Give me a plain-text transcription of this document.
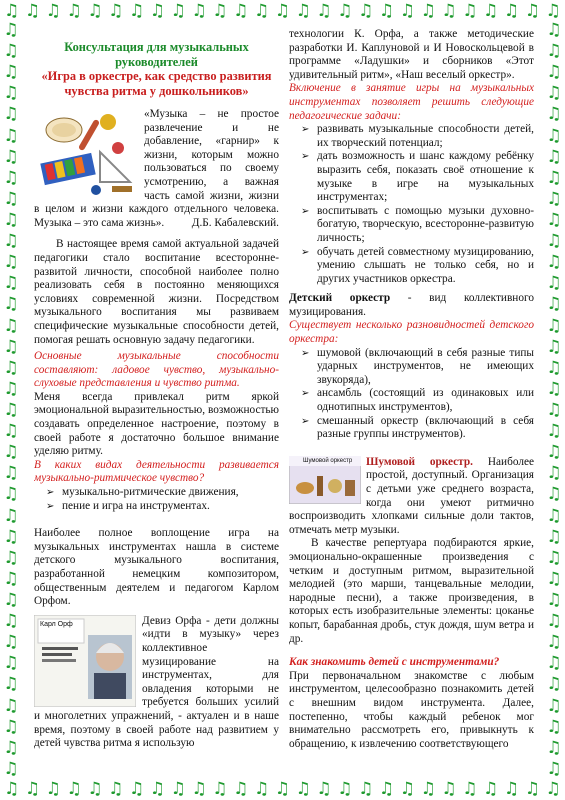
♫ ♫ ♫ ♫ ♫ ♫ ♫ ♫ ♫ ♫ ♫ ♫ ♫ ♫ ♫ ♫ ♫ ♫ ♫ ♫ ♫ ♫ ♫ ♫ ♫ ♫ ♫
♫ ♫ ♫ ♫ ♫ ♫ ♫ ♫ ♫ ♫ ♫ ♫ ♫ ♫ ♫ ♫ ♫ ♫ ♫ ♫ ♫ ♫ ♫ ♫ ♫ ♫ ♫
♫
♫
♫
♫
♫
♫
♫
♫
♫
♫
♫
♫
♫
♫
♫
♫
♫
♫
♫
♫
♫
♫
♫
♫
♫
♫
♫
♫
♫
♫
♫
♫
♫
♫
♫
♫
♫
♫
♫
♫
♫
♫
♫
♫
♫
♫
♫
♫
♫
♫
♫
♫
♫
♫
♫
♫
♫
♫
♫
♫
♫
♫
♫
♫
♫
♫
♫
♫
♫
♫
♫
♫

Консультация для музыкальных руководителей

«Игра в оркестре, как средство развития чувства ритма у дошкольников»

«Музыка – не простое развлечение и не добавление, «гарнир» к жизни, которым можно пользоваться по своему усмотрению, а важная часть самой жизни, жизни в целом и жизни каждого отдельного человека. Музыка – это сама жизнь».	Д.Б. Кабалевский.

В настоящее время самой актуальной задачей педагогики стало воспитание всесторонне-развитой личности, способной наиболее полно реализовать себя в постоянно меняющихся условиях современной жизни. Посредством музыкального воспитания мы развиваем специфические музыкальные способности детей, помогая решать основную задачу педагогики.

Основные музыкальные способности составляют: ладовое чувство, музыкально-слуховые представления и чувство ритма.

Меня всегда привлекал ритм яркой эмоциональной выразительностью, возможностью создавать определенное настроение, поэтому в своей работе я достаточно большое внимание уделяю ритму.

В каких видах деятельности развивается музыкально-ритмическое чувство?

➢ музыкально-ритмические движения,
➢ пение и игра на инструментах.

Наиболее полное воплощение игра на музыкальных инструментах нашла в системе детского музыкального воспитания, разработанной немецким композитором, общественным деятелем и педагогом Карлом Орфом.

Карл Орф	Девиз Орфа - дети должны «идти в музыку» через коллективное музицирование на инструментах, для овладения которыми не требуется больших усилий и многолетних упражнений, - актуален и в наше время, поэтому в своей работе над развитием у детей чувства ритма я использую

технологии К. Орфа, а также методические разработки И. Каплуновой и И Новоскольцевой в программе «Ладушки» и сборников «Этот удивительный ритм», «Наш веселый оркестр».

Включение в занятие игры на музыкальных инструментах позволяет решить следующие педагогические задачи:

➢ развивать музыкальные способности детей, их творческий потенциал;
➢ дать возможность и шанс каждому ребёнку выразить себя, показать своё отношение к музыке в игре на музыкальных инструментах;
➢ воспитывать с помощью музыки духовно-богатую, творческую, всесторонне-развитую личность;
➢ обучать детей совместному музицированию, умению слышать не только себя, но и других участников оркестра.

Детский оркестр - вид коллективного музицирования.

Существует несколько разновидностей детского оркестра:

➢ шумовой (включающий в себя разные типы ударных инструментов, не имеющих звукоряда),
➢ ансамбль (состоящий из одинаковых или однотипных инструментов),
➢ смешанный оркестр (включающий в себя разные группы инструментов).
Шумовой оркестр	Шумовой оркестр. Наиболее простой, доступный. Организация с детьми уже среднего возраста, когда они умеют ритмично воспроизводить хлопками сильные доли тактов, отмечать метр музыки.

В качестве репертуара подбираются яркие, эмоционально-окрашенные произведения с четким и доступным ритмом, выразительной мелодией (это марши, танцевальные мелодии, народные песни), а также произведения, в которых есть изобразительные элементы: цоканье копыт, барабанная дробь, стук дождя, шум ветра и др.

Как знакомить детей с инструментами?

При первоначальном знакомстве с любым инструментом, целесообразно познакомить детей с внешним видом инструмента. Далее, постепенно, чтобы каждый ребенок мог внимательно рассмотреть его, привыкнуть к обращению, к извлечению соответствующего
